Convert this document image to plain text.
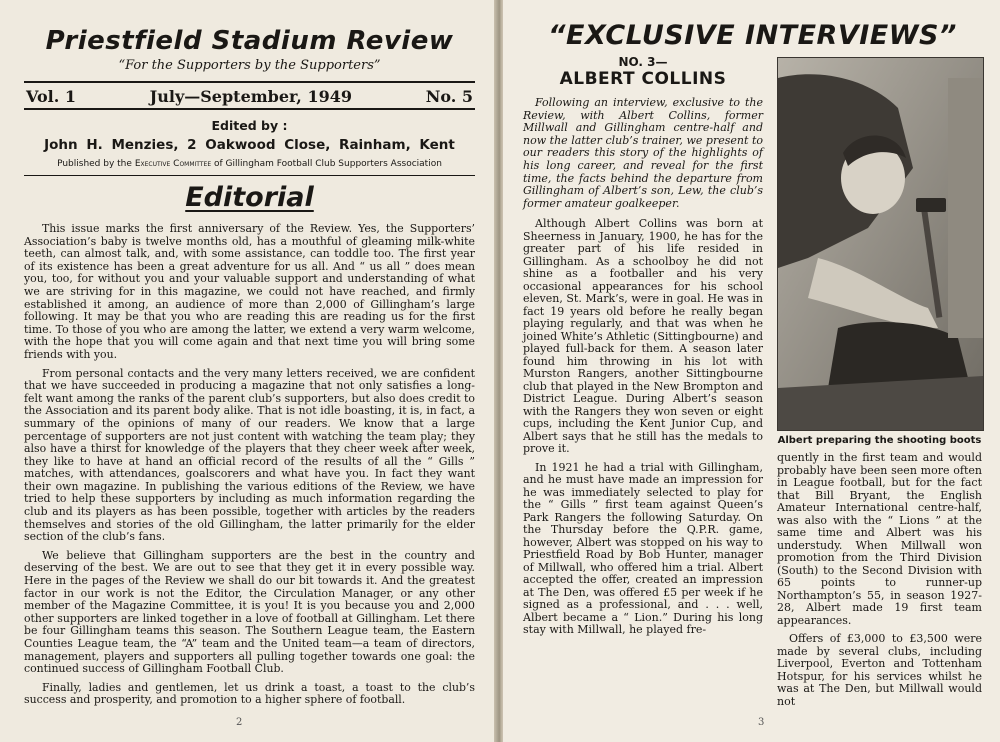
Priestfield Stadium Review
“For the Supporters by the Supporters”
Vol. 1	July—September, 1949	No. 5
Edited by :
John H. Menzies, 2 Oakwood Close, Rainham, Kent
Published by the Executive Committee of Gillingham Football Club Supporters Association
Editorial

This issue marks the first anniversary of the Review. Yes, the Supporters’ Association’s baby is twelve months old, has a mouthful of gleaming milk-white teeth, can almost talk, and, with some assistance, can toddle too. The first year of its existence has been a great adventure for us all. And “ us all ” does mean you, too, for without you and your valuable support and understanding of what we are striving for in this magazine, we could not have reached, and firmly established it among, an audience of more than 2,000 of Gillingham’s large following. It may be that you who are reading this are reading us for the first time. To those of you who are among the latter, we extend a very warm welcome, with the hope that you will come again and that next time you will bring some friends with you.

From personal contacts and the very many letters received, we are confident that we have succeeded in producing a magazine that not only satisfies a long-felt want among the ranks of the parent club’s supporters, but also does credit to the Association and its parent body alike. That is not idle boasting, it is, in fact, a summary of the opinions of many of our readers. We know that a large percentage of supporters are not just content with watching the team play; they also have a thirst for knowledge of the players that they cheer week after week, they like to have at hand an official record of the results of all the “ Gills ” matches, with attendances, goalscorers and what have you. In fact they want their own magazine. In publishing the various editions of the Review, we have tried to help these supporters by including as much information regarding the club and its players as has been possible, together with articles by the readers themselves and stories of the old Gillingham, the latter primarily for the elder section of the club’s fans.

We believe that Gillingham supporters are the best in the country and deserving of the best. We are out to see that they get it in every possible way. Here in the pages of the Review we shall do our bit towards it. And the greatest factor in our work is not the Editor, the Circulation Manager, or any other member of the Magazine Committee, it is you! It is you because you and 2,000 other supporters are linked together in a love of football at Gillingham. Let there be four Gillingham teams this season. The Southern League team, the Eastern Counties League team, the “A” team and the United team—a team of directors, management, players and supporters all pulling together towards one goal: the continued success of Gillingham Football Club.

Finally, ladies and gentlemen, let us drink a toast, a toast to the club’s success and prosperity, and promotion to a higher sphere of football.

2
“EXCLUSIVE INTERVIEWS”
NO. 3—
ALBERT COLLINS

Following an interview, exclusive to the Review, with Albert Collins, former Millwall and Gillingham centre-half and now the latter club’s trainer, we present to our readers this story of the highlights of his long career, and reveal for the first time, the facts behind the departure from Gillingham of Albert’s son, Lew, the club’s former amateur goalkeeper.

Although Albert Collins was born at Sheerness in January, 1900, he has for the greater part of his life resided in Gillingham. As a schoolboy he did not shine as a footballer and his very occasional appearances for his school eleven, St. Mark’s, were in goal. He was in fact 19 years old before he really began playing regularly, and that was when he joined White’s Athletic (Sittingbourne) and played full-back for them. A season later found him throwing in his lot with Murston Rangers, another Sittingbourne club that played in the New Brompton and District League. During Albert’s season with the Rangers they won seven or eight cups, including the Kent Junior Cup, and Albert says that he still has the medals to prove it.

In 1921 he had a trial with Gillingham, and he must have made an impression for he was immediately selected to play for the “ Gills ” first team against Queen’s Park Rangers the following Saturday. On the Thursday before the Q.P.R. game, however, Albert was stopped on his way to Priestfield Road by Bob Hunter, manager of Millwall, who offered him a trial. Albert accepted the offer, created an impression at The Den, was offered £5 per week if he signed as a professional, and . . . well, Albert became a “ Lion.” During his long stay with Millwall, he played fre-

Albert preparing the shooting boots

quently in the first team and would probably have been seen more often in League football, but for the fact that Bill Bryant, the English Amateur International centre-half, was also with the “ Lions ” at the same time and Albert was his understudy. When Millwall won promotion from the Third Division (South) to the Second Division with 65 points to runner-up Northampton’s 55, in season 1927-28, Albert made 19 first team appearances.

Offers of £3,000 to £3,500 were made by several clubs, including Liverpool, Everton and Tottenham Hotspur, for his services whilst he was at The Den, but Millwall would not

3
